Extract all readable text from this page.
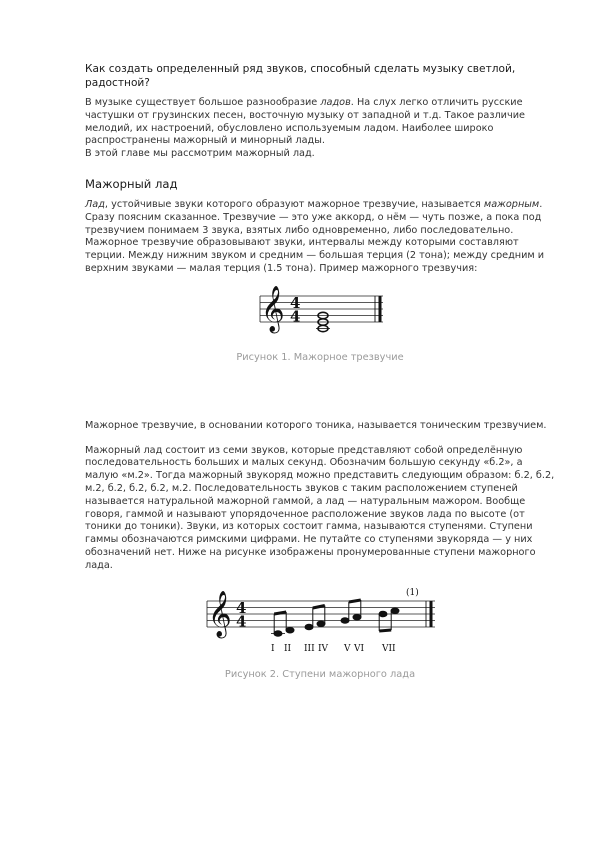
Как создать определенный ряд звуков, способный сделать музыку светлой, радостной?

В музыке существует большое разнообразие ладов. На слух легко отличить русские частушки от грузинских песен, восточную музыку от западной и т.д. Такое различие мелодий, их настроений, обусловлено используемым ладом. Наиболее широко распространены мажорный и минорный лады.
В этой главе мы рассмотрим мажорный лад.

Мажорный лад

Лад, устойчивые звуки которого образуют мажорное трезвучие, называется мажорным. Сразу поясним сказанное. Трезвучие — это уже аккорд, о нём — чуть позже, а пока под трезвучием понимаем 3 звука, взятых либо одновременно, либо последовательно. Мажорное трезвучие образовывают звуки, интервалы между которыми составляют терции. Между нижним звуком и средним — большая терция (2 тона); между средним и верхним звуками — малая терция (1.5 тона). Пример мажорного трезвучия:

𝄞 4
4
Рисунок 1. Мажорное трезвучие

Мажорное трезвучие, в основании которого тоника, называется тоническим трезвучием.

Мажорный лад состоит из семи звуков, которые представляют собой определённую последовательность больших и малых секунд. Обозначим большую секунду «б.2», а малую «м.2». Тогда мажорный звукоряд можно представить следующим образом: б.2, б.2, м.2, б.2, б.2, б.2, м.2. Последовательность звуков с таким расположением ступеней называется натуральной мажорной гаммой, а лад — натуральным мажором. Вообще говоря, гаммой и называют упорядоченное расположение звуков лада по высоте (от тоники до тоники). Звуки, из которых состоит гамма, называются ступенями. Ступени гаммы обозначаются римскими цифрами. Не путайте со ступенями звукоряда — у них обозначений нет. Ниже на рисунке изображены пронумерованные ступени мажорного лада.

𝄞 4
4
(1)
I II III IV V VI VII
Рисунок 2. Ступени мажорного лада
